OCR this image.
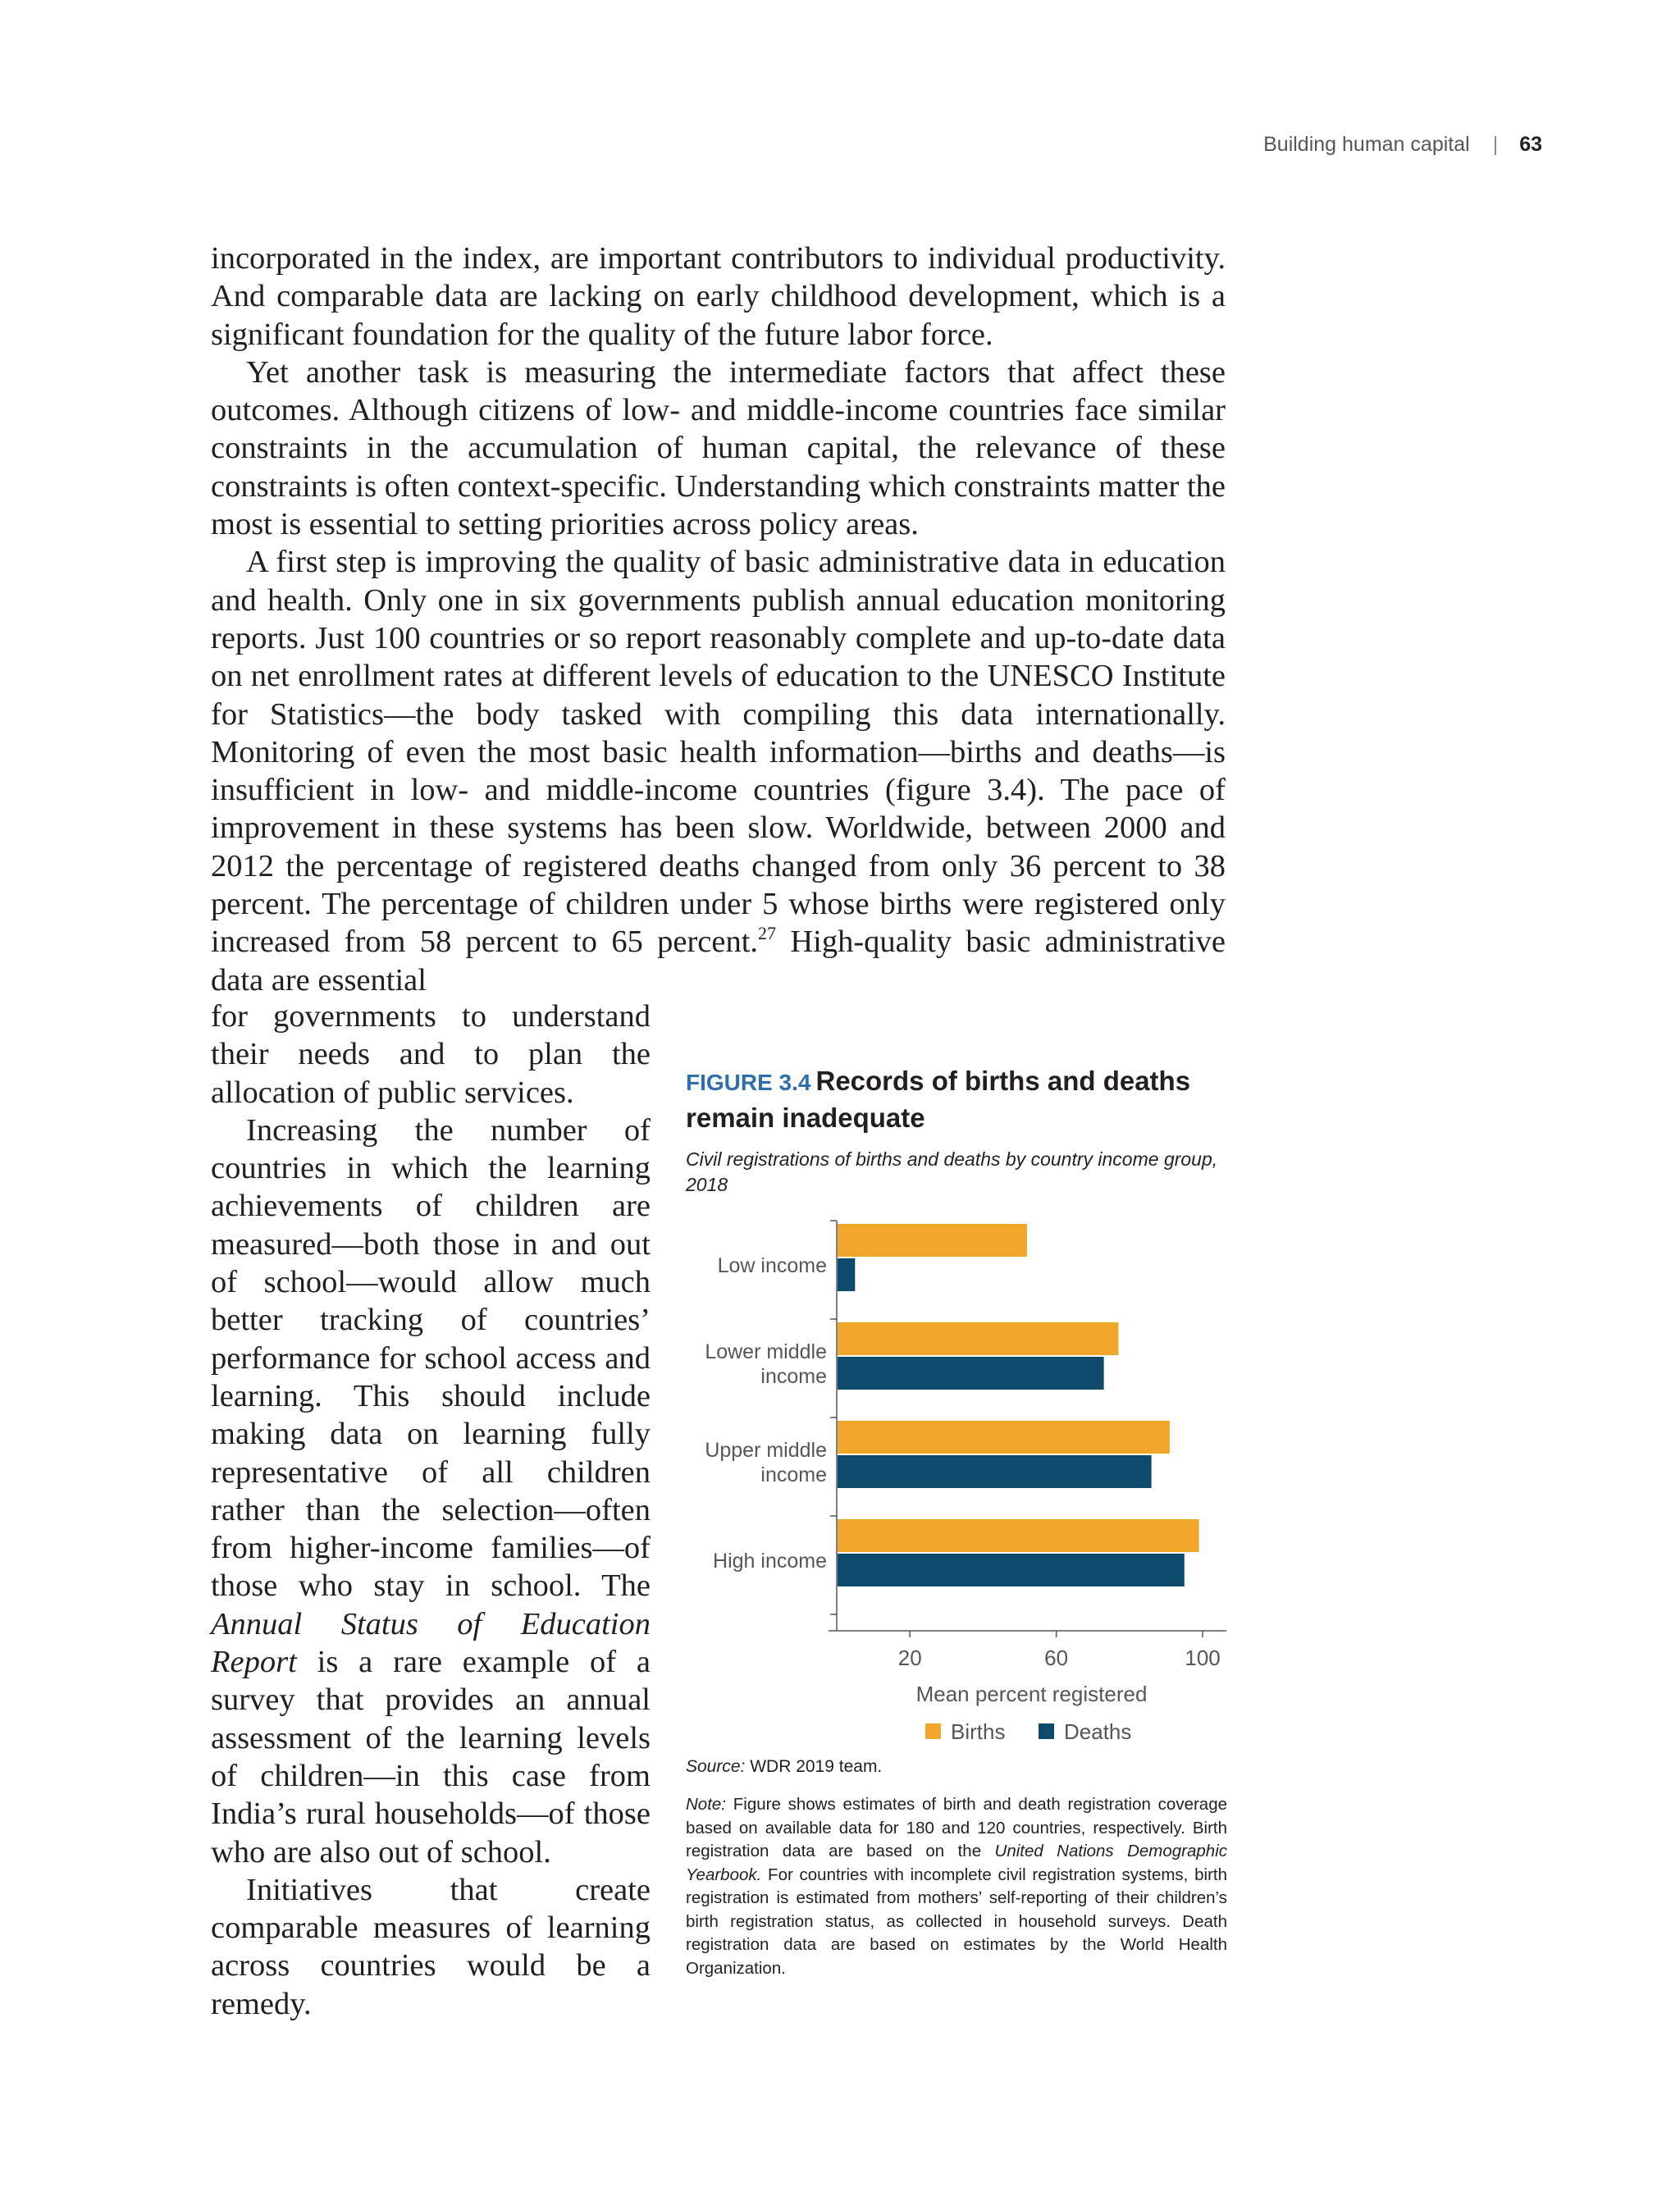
Building human capital | 63

incorporated in the index, are important contributors to individual productivity. And comparable data are lacking on early childhood development, which is a significant foundation for the quality of the future labor force.

Yet another task is measuring the intermediate factors that affect these outcomes. Although citizens of low- and middle-income countries face similar constraints in the accumulation of human capital, the relevance of these constraints is often context-specific. Understanding which constraints matter the most is essential to setting priorities across policy areas.

A first step is improving the quality of basic administrative data in education and health. Only one in six governments publish annual education monitoring reports. Just 100 countries or so report reasonably complete and up-to-date data on net enrollment rates at different levels of education to the UNESCO Institute for Statistics—the body tasked with compiling this data internationally. Monitoring of even the most basic health information—births and deaths—is insufficient in low- and middle-income countries (figure 3.4). The pace of improvement in these systems has been slow. Worldwide, between 2000 and 2012 the percentage of registered deaths changed from only 36 percent to 38 percent. The percentage of children under 5 whose births were registered only increased from 58 percent to 65 percent.$^{27}$ High-quality basic administrative data are essential

for governments to understand their needs and to plan the allocation of public services.

Increasing the number of countries in which the learning achievements of children are measured—both those in and out of school—would allow much better tracking of countries’ performance for school access and learning. This should include making data on learning fully representative of all children rather than the selection—often from higher-income families—of those who stay in school. The Annual Status of Education Report is a rare example of a survey that provides an annual assessment of the learning levels of children—in this case from India’s rural households—of those who are also out of school.

Initiatives that create comparable measures of learning across countries would be a remedy.

FIGURE 3.4 Records of births and deaths remain inadequate
Civil registrations of births and deaths by country income group, 2018
Low income
Lower middle
income
Upper middle
income
High income
20	60	100
Mean percent registered
Births	Deaths
Source: WDR 2019 team.
Note: Figure shows estimates of birth and death registration coverage based on available data for 180 and 120 countries, respectively. Birth registration data are based on the United Nations Demographic Yearbook. For countries with incomplete civil registration systems, birth registration is estimated from mothers’ self-reporting of their children’s birth registration status, as collected in household surveys. Death registration data are based on estimates by the World Health Organization.
